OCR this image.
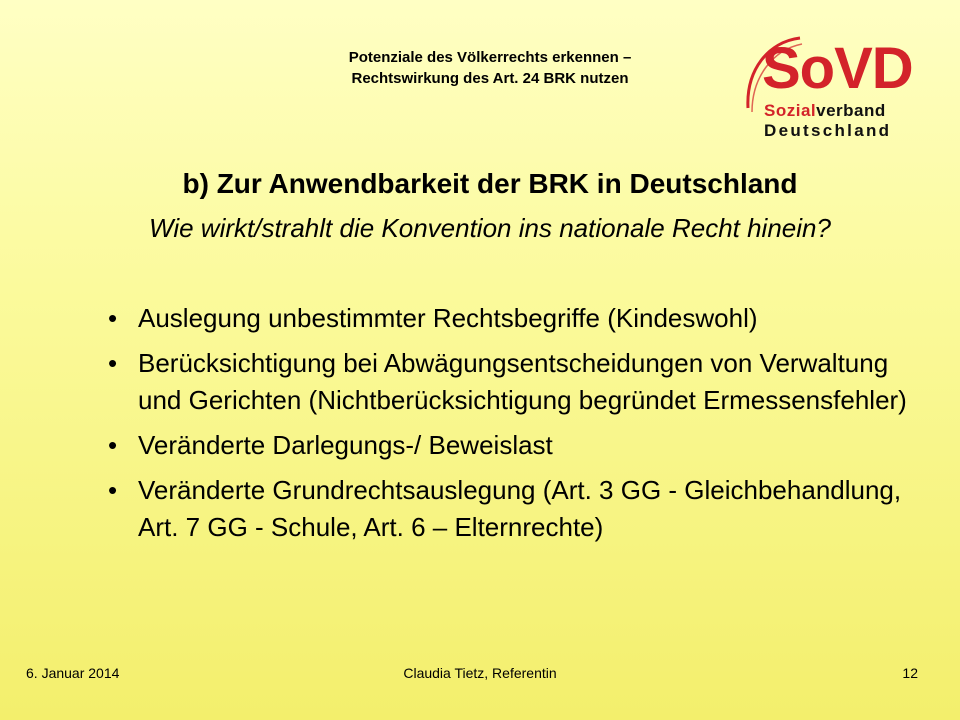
Potenziale des Völkerrechts erkennen –
Rechtswirkung des Art. 24 BRK nutzen	SoVD
Sozialverband
Deutschland
b) Zur Anwendbarkeit der BRK in Deutschland
Wie wirkt/strahlt die Konvention ins nationale Recht hinein?
• Auslegung unbestimmter Rechtsbegriffe (Kindeswohl)
• Berücksichtigung bei Abwägungsentscheidungen von Verwaltung und Gerichten (Nichtberücksichtigung begründet Ermessensfehler)
• Veränderte Darlegungs-/ Beweislast
• Veränderte Grundrechtsauslegung (Art. 3 GG - Gleichbehandlung, Art. 7 GG - Schule, Art. 6 – Elternrechte)
6. Januar 2014	Claudia Tietz, Referentin	12
